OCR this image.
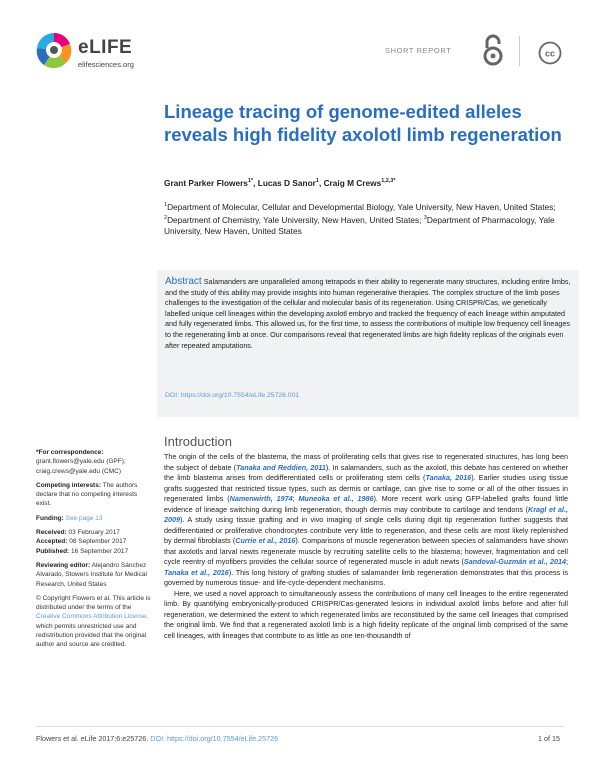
eLIFE
elifesciences.org
SHORT REPORT	cc
Lineage tracing of genome-edited alleles reveals high fidelity axolotl limb regeneration
Grant Parker Flowers$^{1*}$, Lucas D Sanor$^1$, Craig M Crews$^{1,2,3*}$

$^1$Department of Molecular, Cellular and Developmental Biology, Yale University, New Haven, United States; $^2$Department of Chemistry, Yale University, New Haven, United States; $^3$Department of Pharmacology, Yale University, New Haven, United States

Abstract Salamanders are unparalleled among tetrapods in their ability to regenerate many structures, including entire limbs, and the study of this ability may provide insights into human regenerative therapies. The complex structure of the limb poses challenges to the investigation of the cellular and molecular basis of its regeneration. Using CRISPR/Cas, we genetically labelled unique cell lineages within the developing axolotl embryo and tracked the frequency of each lineage within amputated and fully regenerated limbs. This allowed us, for the first time, to assess the contributions of multiple low frequency cell lineages to the regenerating limb at once. Our comparisons reveal that regenerated limbs are high fidelity replicas of the originals even after repeated amputations.

DOI: https://doi.org/10.7554/eLife.25726.001
*For correspondence:
grant.flowers@yale.edu (GPF); craig.crews@yale.edu (CMC)
Competing interests: The authors declare that no competing interests exist.
Funding: See page 13
Received: 03 February 2017
Accepted: 08 September 2017
Published: 16 September 2017
Reviewing editor: Alejandro Sánchez Alvarado, Stowers Institute for Medical Research, United States
© Copyright Flowers et al. This article is distributed under the terms of the Creative Commons Attribution License, which permits unrestricted use and redistribution provided that the original author and source are credited.
Introduction

The origin of the cells of the blastema, the mass of proliferating cells that gives rise to regenerated structures, has long been the subject of debate (Tanaka and Reddien, 2011). In salamanders, such as the axolotl, this debate has centered on whether the limb blastema arises from dedifferentiated cells or proliferating stem cells (Tanaka, 2016). Earlier studies using tissue grafts suggested that restricted tissue types, such as dermis or cartilage, can give rise to some or all of the other tissues in regenerated limbs (Namenwirth, 1974; Muneoka et al., 1986). More recent work using GFP-labelled grafts found little evidence of lineage switching during limb regeneration, though dermis may contribute to cartilage and tendons (Kragl et al., 2009). A study using tissue grafting and in vivo imaging of single cells during digit tip regeneration further suggests that dedifferentiated or proliferative chondrocytes contribute very little to regeneration, and these cells are most likely replenished by dermal fibroblasts (Currie et al., 2016). Comparisons of muscle regeneration between species of salamanders have shown that axolotls and larval newts regenerate muscle by recruiting satellite cells to the blastema; however, fragmentation and cell cycle reentry of myofibers provides the cellular source of regenerated muscle in adult newts (Sandoval-Guzmán et al., 2014; Tanaka et al., 2016). This long history of grafting studies of salamander limb regeneration demonstrates that this process is governed by numerous tissue- and life-cycle-dependent mechanisms.

Here, we used a novel approach to simultaneously assess the contributions of many cell lineages to the entire regenerated limb. By quantifying embryonically-produced CRISPR/Cas-generated lesions in individual axolotl limbs before and after full regeneration, we determined the extent to which regenerated limbs are reconstituted by the same cell lineages that comprised the original limb. We find that a regenerated axolotl limb is a high fidelity replicate of the original limb comprised of the same cell lineages, with lineages that contribute to as little as one ten-thousandth of

Flowers et al. eLife 2017;6:e25726. DOI: https://doi.org/10.7554/eLife.25726	1 of 15
